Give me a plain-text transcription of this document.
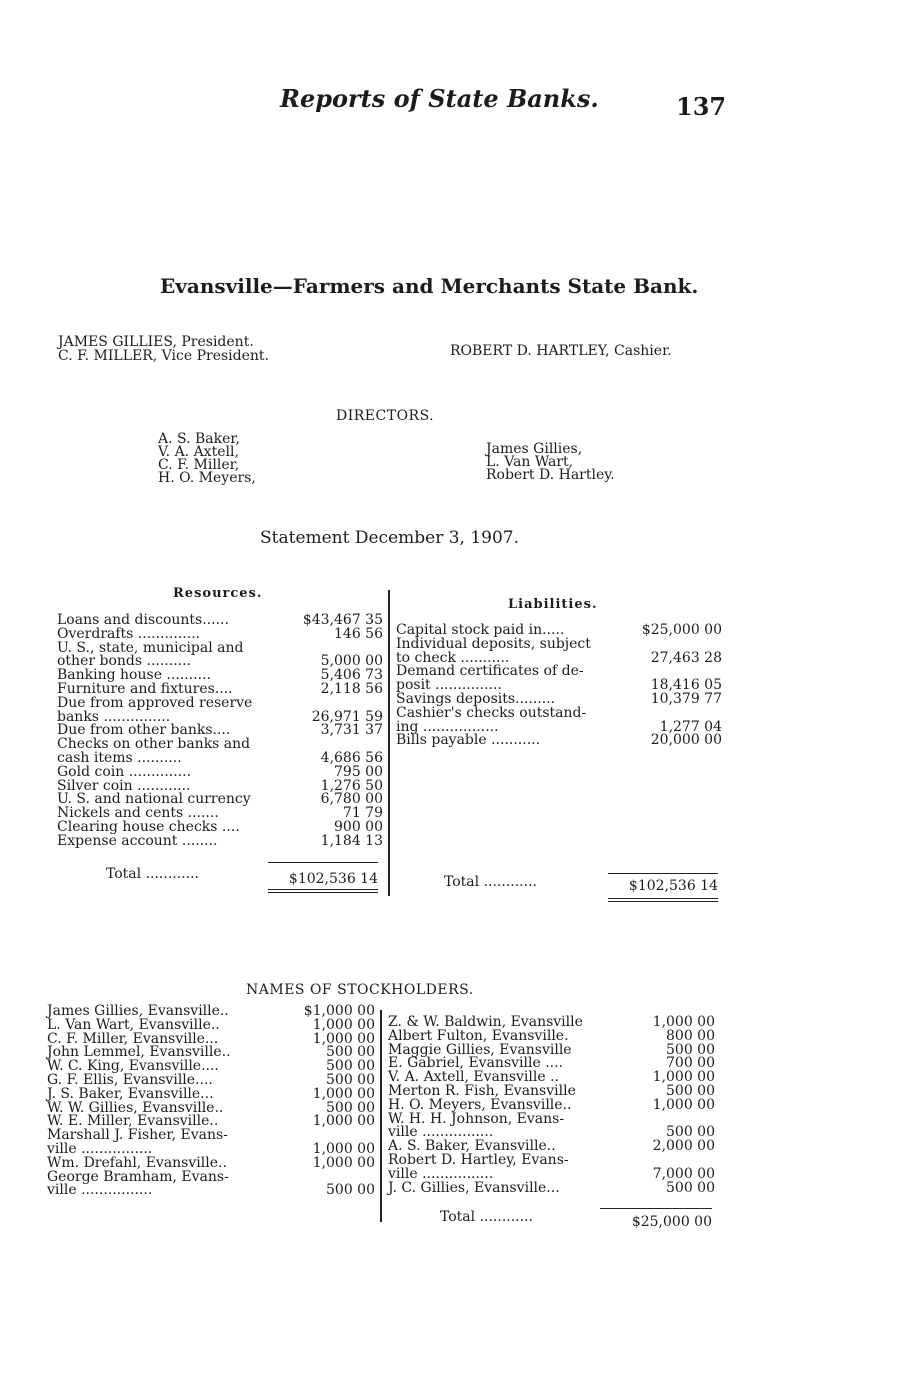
Reports of State Banks.	137
Evansville—Farmers and Merchants State Bank.
JAMES GILLIES, President.
C. F. MILLER, Vice President.	ROBERT D. HARTLEY, Cashier.
DIRECTORS.
A. S. Baker,
V. A. Axtell,
C. F. Miller,
H. O. Meyers,
James Gillies,
L. Van Wart,
Robert D. Hartley.
Statement December 3, 1907.
Resources.
Liabilities.
Loans and discounts......	$43,467 35
Overdrafts ..............	146 56
U. S., state, municipal and
other bonds ..........	5,000 00
Banking house ..........	5,406 73
Furniture and fixtures....	2,118 56
Due from approved reserve
banks ...............	26,971 59
Due from other banks....	3,731 37
Checks on other banks and
cash items ..........	4,686 56
Gold coin ..............	795 00
Silver coin ............	1,276 50
U. S. and national currency	6,780 00
Nickels and cents .......	71 79
Clearing house checks ....	900 00
Expense account ........	1,184 13
Capital stock paid in.....	$25,000 00
Individual deposits, subject
to check ...........	27,463 28
Demand certificates of de-
posit ...............	18,416 05
Savings deposits.........	10,379 77
Cashier's checks outstand-
ing .................	1,277 04
Bills payable ...........	20,000 00
Total ............	$102,536 14	Total ............	$102,536 14
NAMES OF STOCKHOLDERS.
James Gillies, Evansville..	$1,000 00
L. Van Wart, Evansville..	1,000 00
C. F. Miller, Evansville...	1,000 00
John Lemmel, Evansville..	500 00
W. C. King, Evansville....	500 00
G. F. Ellis, Evansville....	500 00
J. S. Baker, Evansville...	1,000 00
W. W. Gillies, Evansville..	500 00
W. E. Miller, Evansville..	1,000 00
Marshall J. Fisher, Evans-
ville ................	1,000 00
Wm. Drefahl, Evansville..	1,000 00
George Bramham, Evans-
ville ................	500 00
Z. & W. Baldwin, Evansville	1,000 00
Albert Fulton, Evansville.	800 00
Maggie Gillies, Evansville	500 00
E. Gabriel, Evansville ....	700 00
V. A. Axtell, Evansville ..	1,000 00
Merton R. Fish, Evansville	500 00
H. O. Meyers, Evansville..	1,000 00
W. H. H. Johnson, Evans-
ville ................	500 00
A. S. Baker, Evansville..	2,000 00
Robert D. Hartley, Evans-
ville ................	7,000 00
J. C. Gillies, Evansville...	500 00
Total ............	$25,000 00
